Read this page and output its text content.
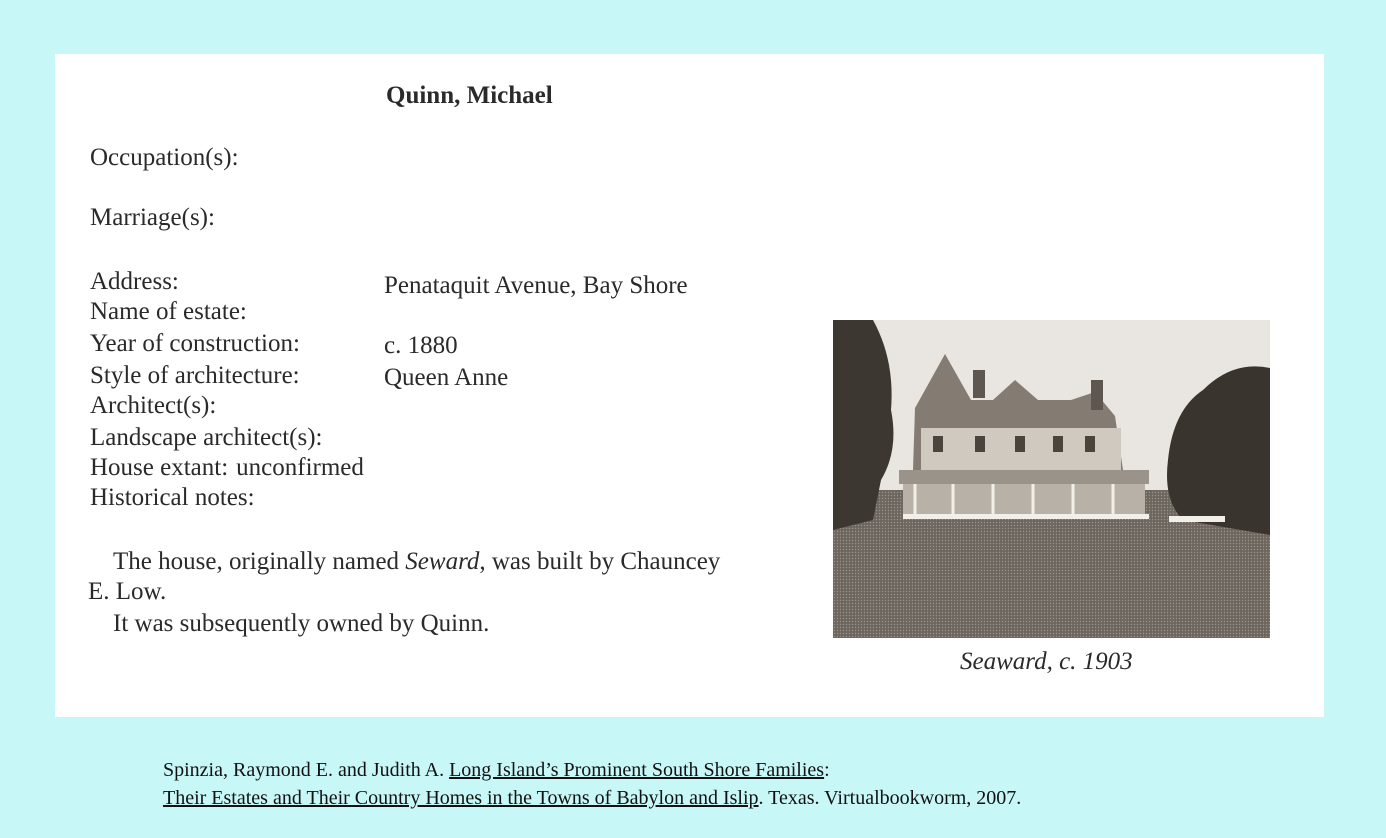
Quinn, Michael
Occupation(s):
Marriage(s):
Address:	Penataquit Avenue, Bay Shore
Name of estate:
Year of construction:	c. 1880
Style of architecture:	Queen Anne
Architect(s):
Landscape architect(s):
House extant: unconfirmed
Historical notes:
The house, originally named Seward, was built by Chauncey
E. Low.
It was subsequently owned by Quinn.
Seaward, c. 1903
Spinzia, Raymond E. and Judith A. Long Island’s Prominent South Shore Families:
Their Estates and Their Country Homes in the Towns of Babylon and Islip. Texas. Virtualbookworm, 2007.
